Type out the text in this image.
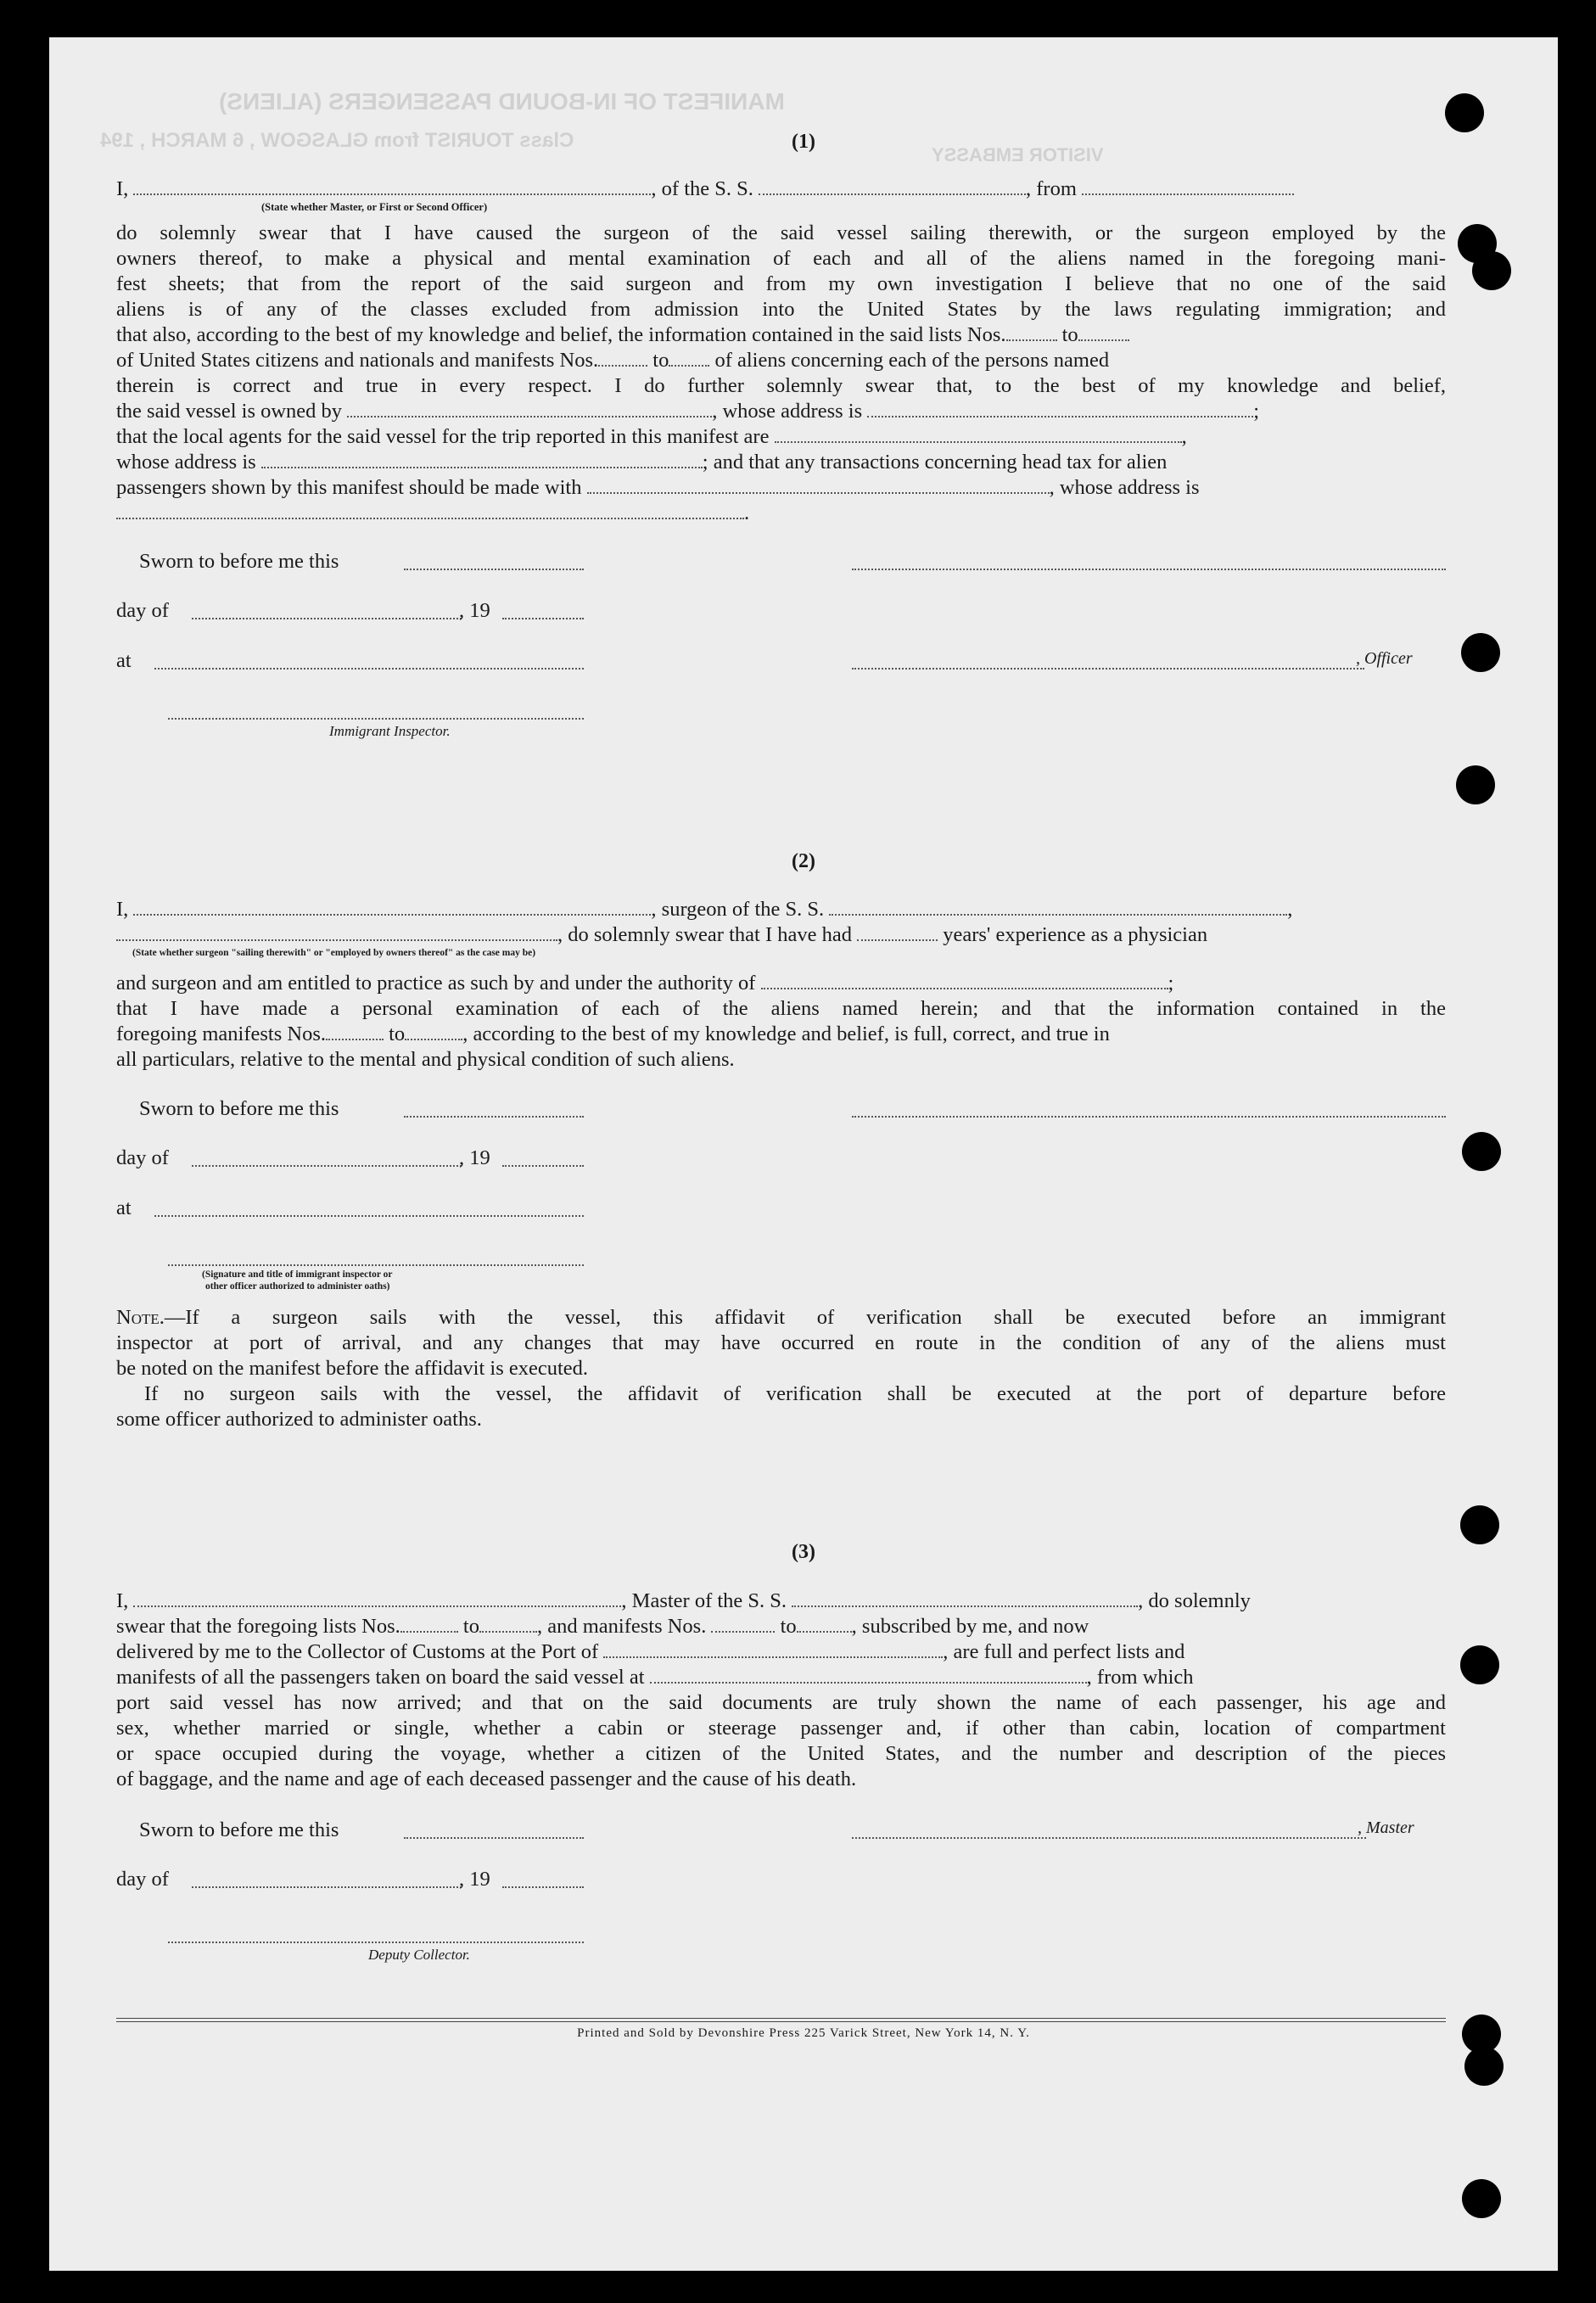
MANIFEST OF IN-BOUND PASSENGERS (ALIENS)
Class TOURIST from GLASGOW , 6 MARCH , 194
VISITOR EMBASSY
(1)
I,	, of the S. S.	, from
(State whether Master, or First or Second Officer)
do solemnly swear that I have caused the surgeon of the said vessel sailing therewith, or the surgeon employed by the
owners thereof, to make a physical and mental examination of each and all of the aliens named in the foregoing mani-
fest sheets; that from the report of the said surgeon and from my own investigation I believe that no one of the said
aliens is of any of the classes excluded from admission into the United States by the laws regulating immigration; and
that also, according to the best of my knowledge and belief, the information contained in the said lists Nos.	to
of United States citizens and nationals and manifests Nos.	to of aliens concerning each of the persons named
therein is correct and true in every respect. I do further solemnly swear that, to the best of my knowledge and belief,
the said vessel is owned by	, whose address is	;
that the local agents for the said vessel for the trip reported in this manifest are	,
whose address is	; and that any transactions concerning head tax for alien
passengers shown by this manifest should be made with	, whose address is
.
Sworn to before me this
day of	, 19
at	, Officer
Immigrant Inspector.
(2)
I,	, surgeon of the S. S.	,
, do solemnly swear that I have had	years' experience as a physician
(State whether surgeon "sailing therewith" or "employed by owners thereof" as the case may be)
and surgeon and am entitled to practice as such by and under the authority of	;
that I have made a personal examination of each of the aliens named herein; and that the information contained in the
foregoing manifests Nos.	to	, according to the best of my knowledge and belief, is full, correct, and true in
all particulars, relative to the mental and physical condition of such aliens.
Sworn to before me this
day of	, 19
at
(Signature and title of immigrant inspector or
other officer authorized to administer oaths)
Note.—If a surgeon sails with the vessel, this affidavit of verification shall be executed before an immigrant
inspector at port of arrival, and any changes that may have occurred en route in the condition of any of the aliens must
be noted on the manifest before the affidavit is executed.
If no surgeon sails with the vessel, the affidavit of verification shall be executed at the port of departure before
some officer authorized to administer oaths.
(3)
I,	, Master of the S. S.	, do solemnly
swear that the foregoing lists Nos.	to	, and manifests Nos.	to	, subscribed by me, and now
delivered by me to the Collector of Customs at the Port of	, are full and perfect lists and
manifests of all the passengers taken on board the said vessel at	, from which
port said vessel has now arrived; and that on the said documents are truly shown the name of each passenger, his age and
sex, whether married or single, whether a cabin or steerage passenger and, if other than cabin, location of compartment
or space occupied during the voyage, whether a citizen of the United States, and the number and description of the pieces
of baggage, and the name and age of each deceased passenger and the cause of his death.
Sworn to before me this	, Master
day of	, 19
Deputy Collector.
Printed and Sold by Devonshire Press 225 Varick Street, New York 14, N. Y.
